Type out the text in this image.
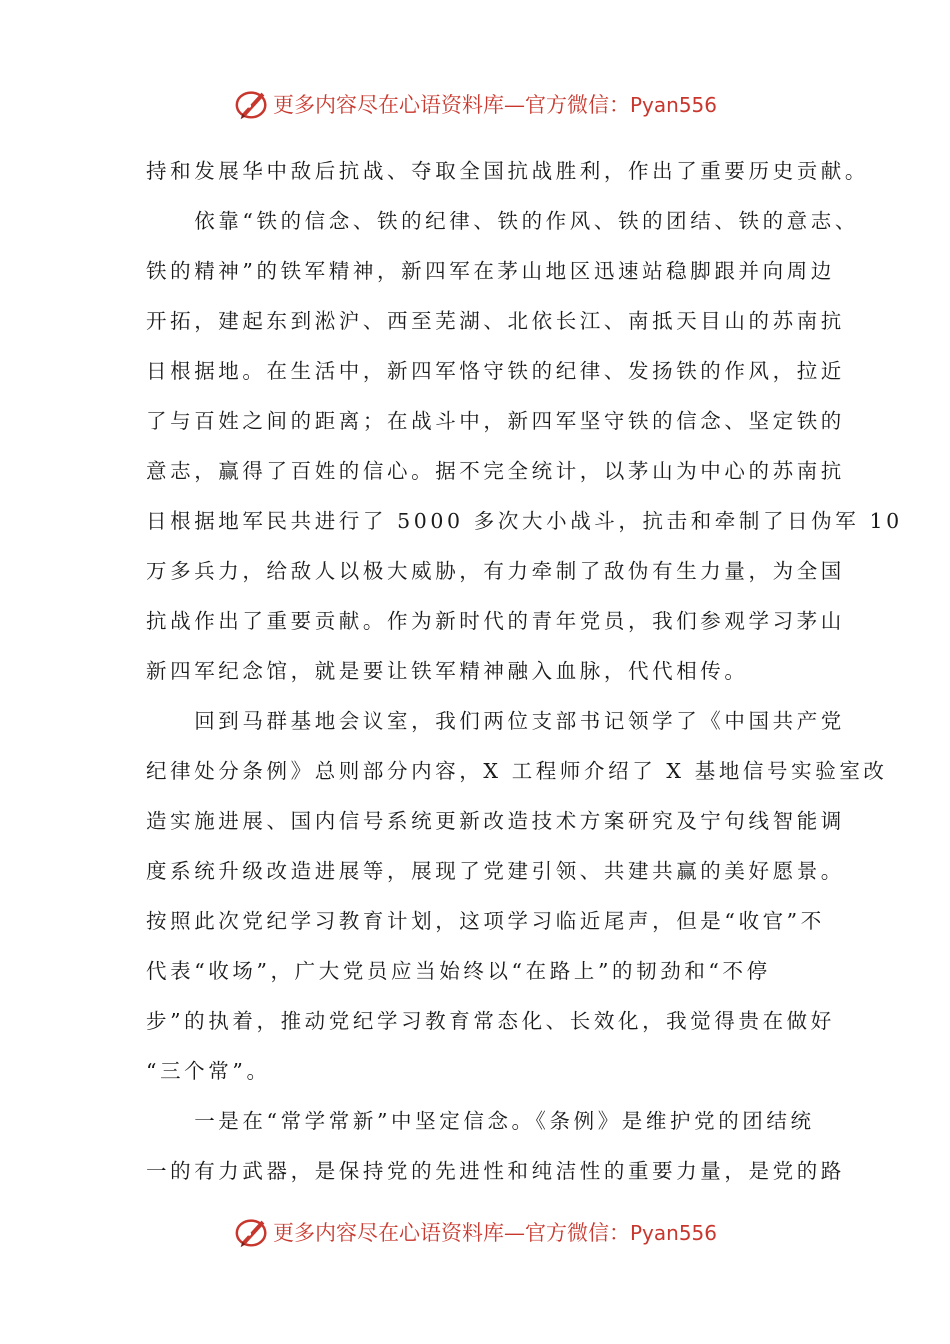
更多内容尽在心语资料库—官方微信：Pyan556
持和发展华中敌后抗战、夺取全国抗战胜利，作出了重要历史贡献。
　　依靠“铁的信念、铁的纪律、铁的作风、铁的团结、铁的意志、
铁的精神”的铁军精神，新四军在茅山地区迅速站稳脚跟并向周边
开拓，建起东到淞沪、西至芜湖、北依长江、南抵天目山的苏南抗
日根据地。在生活中，新四军恪守铁的纪律、发扬铁的作风，拉近
了与百姓之间的距离；在战斗中，新四军坚守铁的信念、坚定铁的
意志，赢得了百姓的信心。据不完全统计，以茅山为中心的苏南抗
日根据地军民共进行了 5000 多次大小战斗，抗击和牵制了日伪军 10
万多兵力，给敌人以极大威胁，有力牵制了敌伪有生力量，为全国
抗战作出了重要贡献。作为新时代的青年党员，我们参观学习茅山
新四军纪念馆，就是要让铁军精神融入血脉，代代相传。
　　回到马群基地会议室，我们两位支部书记领学了《中国共产党
纪律处分条例》总则部分内容，X 工程师介绍了 X 基地信号实验室改
造实施进展、国内信号系统更新改造技术方案研究及宁句线智能调
度系统升级改造进展等，展现了党建引领、共建共赢的美好愿景。
按照此次党纪学习教育计划，这项学习临近尾声，但是“收官”不
代表“收场”，广大党员应当始终以“在路上”的韧劲和“不停
步”的执着，推动党纪学习教育常态化、长效化，我觉得贵在做好
“三个常”。
　　一是在“常学常新”中坚定信念。《条例》是维护党的团结统
一的有力武器，是保持党的先进性和纯洁性的重要力量，是党的路
更多内容尽在心语资料库—官方微信：Pyan556
